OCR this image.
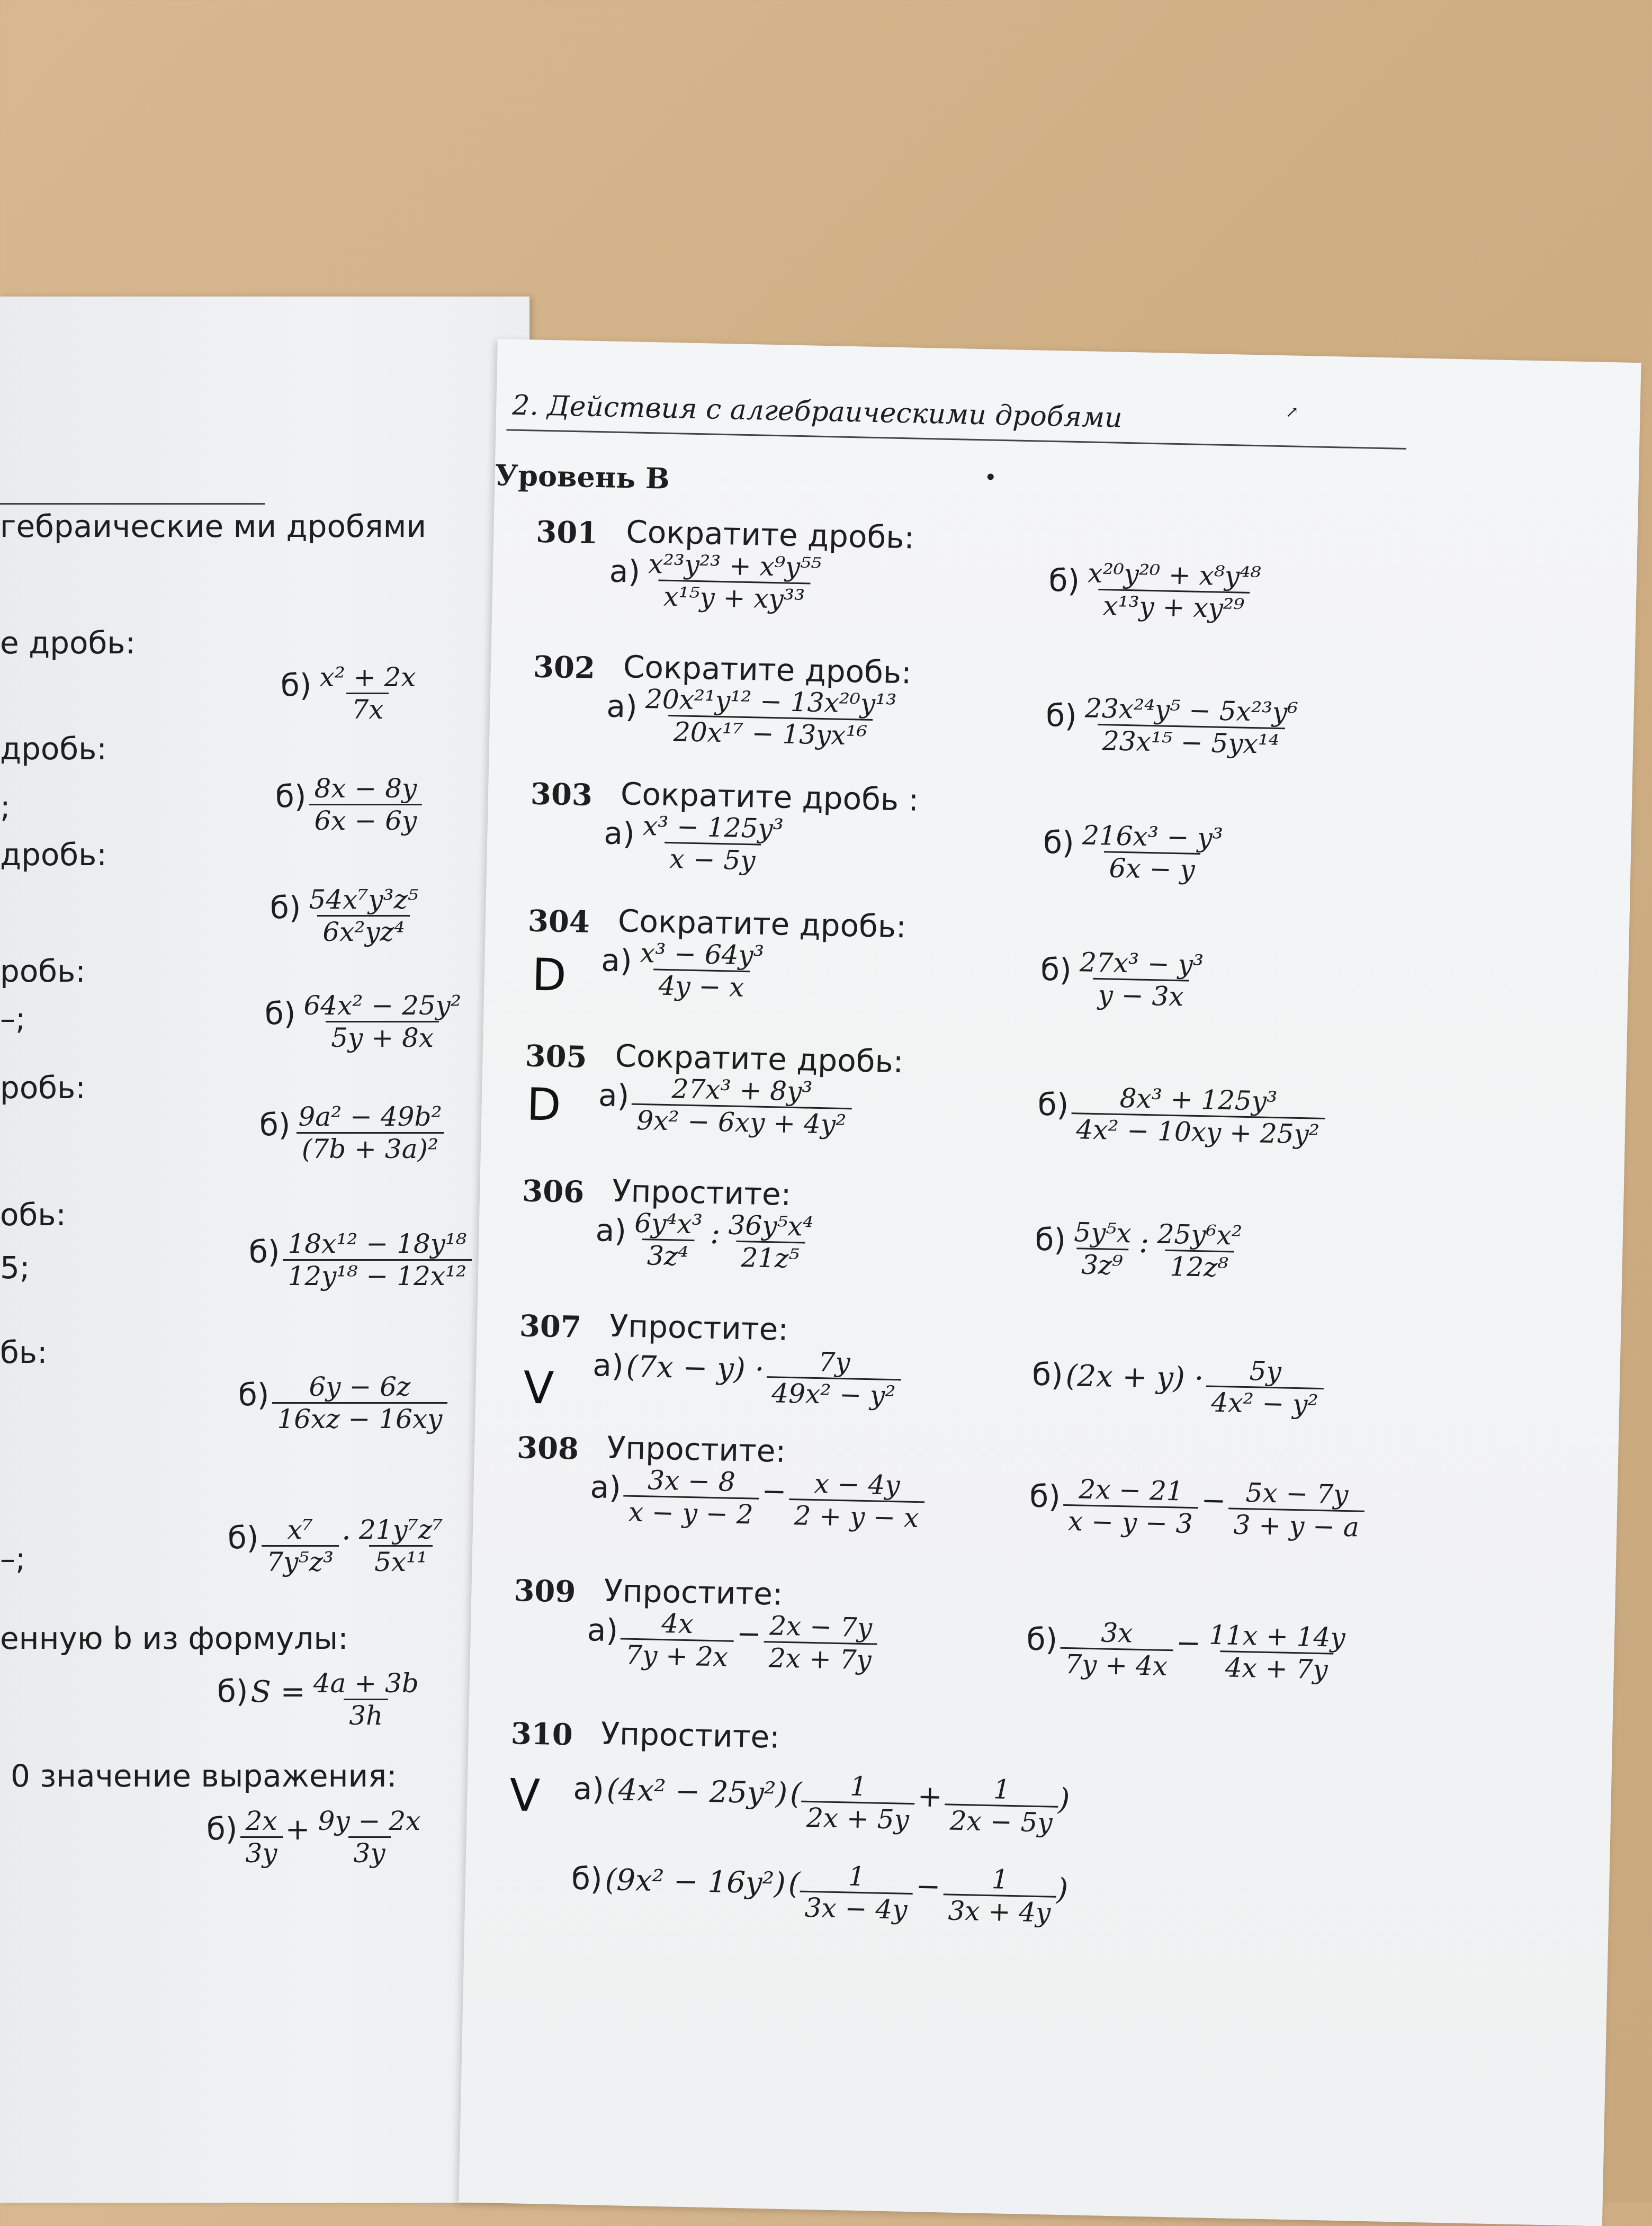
гебраические ми дробями
е дробь:
дробь:
;
дробь:
робь:
–;
робь:
обь:
5;
бь:
–;
енную b из формулы:
0 значение выражения:
$б) \frac{\text{x² + 2x}}{7x}$
$б) \frac{8x - 8y}{6x - 6y}$
$б) \frac{\text{54x⁷y³z⁵}}{\text{6x²yz⁴}}$
$б) \frac{\text{64x² − 25y²}}{5y + 8x}$
$б) \frac{\text{9a² − 49b²}}{\text{(7b + 3a)²}}$
$б) \frac{\text{18x¹² − 18y¹⁸}}{\text{12y¹⁸ − 12x¹²}}$
$б) \frac{6y - 6z}{16xz - 16xy}$
$б) \frac{\text{x⁷}}{\text{7y⁵z³}} \cdot \frac{\text{21y⁷z⁷}}{\text{5x¹¹}}$
б) $S = \frac{4a + 3b}{3h}$
$б) \frac{2x}{3y} + \frac{9y - 2x}{3y}$
2. Действия с алгебраическими дробями
Уровень В
↗
301 Сократите дробь:
$а) \frac{\text{x²³y²³ + x⁹y⁵⁵}}{\text{x¹⁵y + xy³³}}$	$б) \frac{\text{x²⁰y²⁰ + x⁸y⁴⁸}}{\text{x¹³y + xy²⁹}}$
302 Сократите дробь:
$а) \frac{\text{20x²¹y¹² − 13x²⁰y¹³}}{\text{20x¹⁷ − 13yx¹⁶}}$	$б) \frac{\text{23x²⁴y⁵ − 5x²³y⁶}}{\text{23x¹⁵ − 5yx¹⁴}}$
303 Сократите дробь :
$а) \frac{\text{x³ − 125y³}}{x - 5y}$	$б) \frac{\text{216x³ − y³}}{6x - y}$
304 Сократите дробь:
$а) \frac{\text{x³ − 64y³}}{4y - x}$	$б) \frac{\text{27x³ − y³}}{y - 3x}$
305 Сократите дробь:
$а) \frac{\text{27x³ + 8y³}}{\text{9x² − 6xy + 4y²}}$	$б) \frac{\text{8x³ + 125y³}}{\text{4x² − 10xy + 25y²}}$
306 Упростите:
$а) \frac{\text{6y⁴x³}}{\text{3z⁴}}$ : $\frac{\text{36y⁵x⁴}}{\text{21z⁵}}$	$б) \frac{\text{5y⁵x}}{\text{3z⁹}}$ : $\frac{\text{25y⁶x²}}{\text{12z⁸}}$
307 Упростите:
а) $(7x - y) \cdot \frac{7y}{\text{49x² − y²}}$	б) $(2x + y) \cdot \frac{5y}{\text{4x² − y²}}$
308 Упростите:
$а) \frac{3x - 8}{x - y - 2} - \frac{x - 4y}{2 + y - x}$	$б) \frac{2x - 21}{x - y - 3} - \frac{5x - 7y}{3 + y - a}$
309 Упростите:
$а) \frac{4x}{7y + 2x} - \frac{2x - 7y}{2x + 7y}$	$б) \frac{3x}{7y + 4x} - \frac{11x + 14y}{4x + 7y}$
310 Упростите:
а) (4x² − 25y²) (
$\frac{1}{2x + 5y} + \frac{1}{2x - 5y}$
)
б) (9x² − 16y²) (
$\frac{1}{3x - 4y} - \frac{1}{3x + 4y}$
)
D
D
V
V
